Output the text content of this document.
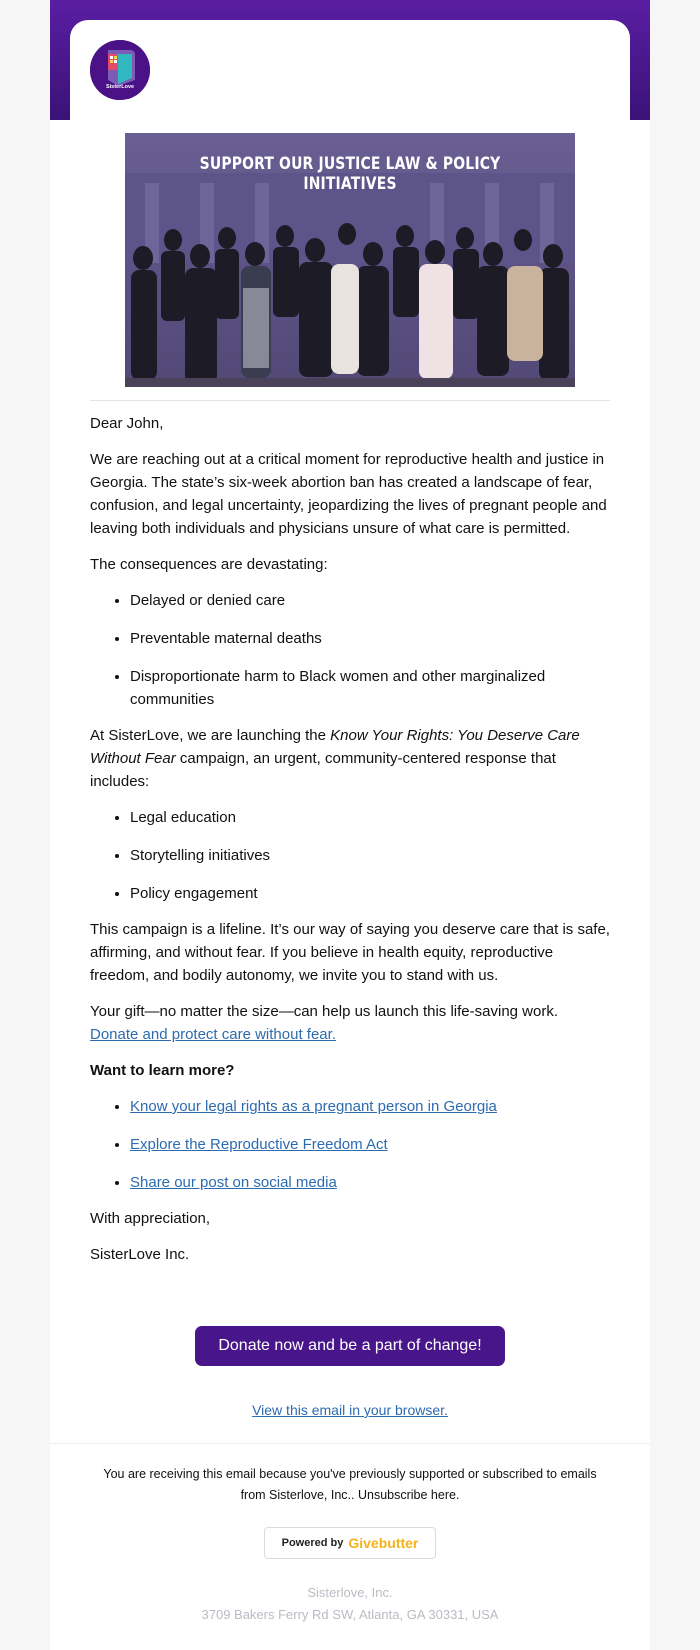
SisterLove
SUPPORT OUR JUSTICE LAW & POLICY INITIATIVES

Dear John,

We are reaching out at a critical moment for reproductive health and justice in Georgia. The state’s six-week abortion ban has created a landscape of fear, confusion, and legal uncertainty, jeopardizing the lives of pregnant people and leaving both individuals and physicians unsure of what care is permitted.

The consequences are devastating:

• Delayed or denied care
• Preventable maternal deaths
• Disproportionate harm to Black women and other marginalized communities

At SisterLove, we are launching the Know Your Rights: You Deserve Care Without Fear campaign, an urgent, community-centered response that includes:

• Legal education
• Storytelling initiatives
• Policy engagement

This campaign is a lifeline. It’s our way of saying you deserve care that is safe, affirming, and without fear. If you believe in health equity, reproductive freedom, and bodily autonomy, we invite you to stand with us.

Your gift—no matter the size—can help us launch this life-saving work. Donate and protect care without fear.

Want to learn more?

• Know your legal rights as a pregnant person in Georgia
• Explore the Reproductive Freedom Act
• Share our post on social media

With appreciation,

SisterLove Inc.

Donate now and be a part of change!
View this email in your browser.
You are receiving this email because you've previously supported or subscribed to emails from Sisterlove, Inc.. Unsubscribe here.
Powered by Givebutter
Sisterlove, Inc.
3709 Bakers Ferry Rd SW, Atlanta, GA 30331, USA
